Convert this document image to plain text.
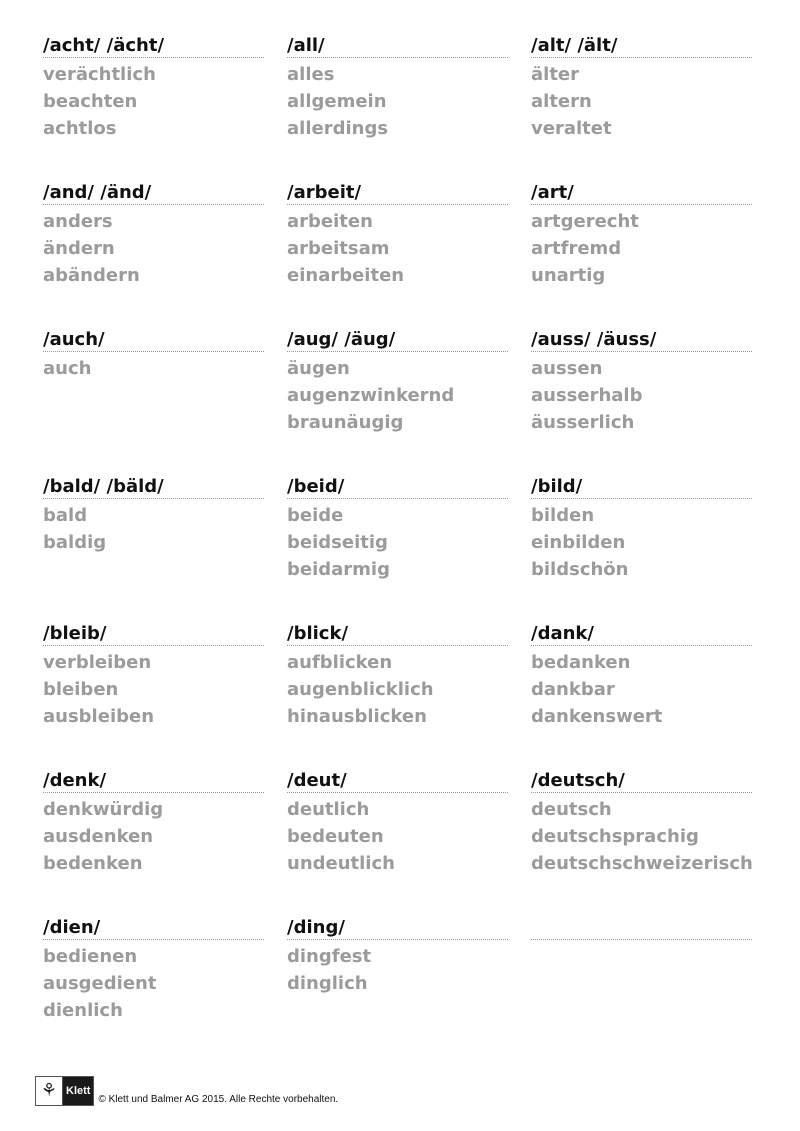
/acht/ /ächt/
verächtlich
beachten
achtlos
/all/
alles
allgemein
allerdings
/alt/ /ält/
älter
altern
veraltet
/and/ /änd/
anders
ändern
abändern
/arbeit/
arbeiten
arbeitsam
einarbeiten
/art/
artgerecht
artfremd
unartig
/auch/
auch
/aug/ /äug/
äugen
augenzwinkernd
braunäugig
/auss/ /äuss/
aussen
ausserhalb
äusserlich
/bald/ /bäld/
bald
baldig
/beid/
beide
beidseitig
beidarmig
/bild/
bilden
einbilden
bildschön
/bleib/
verbleiben
bleiben
ausbleiben
/blick/
aufblicken
augenblicklich
hinausblicken
/dank/
bedanken
dankbar
dankenswert
/denk/
denkwürdig
ausdenken
bedenken
/deut/
deutlich
bedeuten
undeutlich
/deutsch/
deutsch
deutschsprachig
deutschschweizerisch
/dien/
bedienen
ausgedient
dienlich
/ding/
dingfest
dinglich
⚘ Klett
© Klett und Balmer AG 2015. Alle Rechte vorbehalten.
